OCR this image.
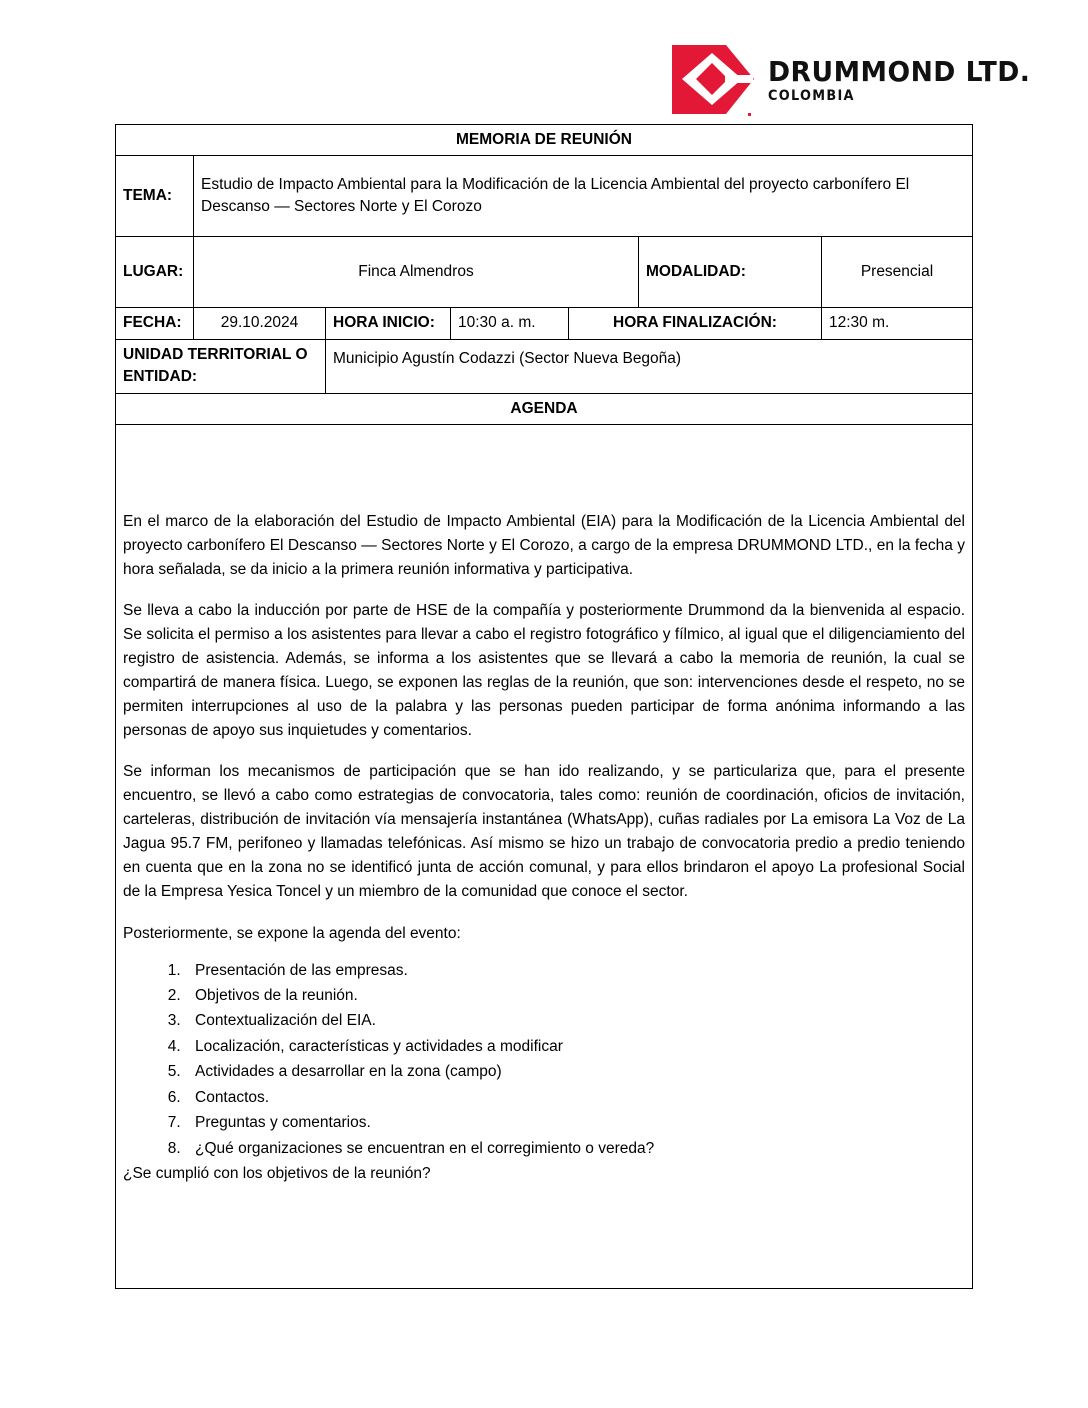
DRUMMOND LTD.
COLOMBIA
MEMORIA DE REUNIÓN						
TEMA:	Estudio de Impacto Ambiental para la Modificación de la Licencia Ambiental del proyecto carbonífero El Descanso — Sectores Norte y El Corozo					
LUGAR:	Finca Almendros				MODALIDAD:	Presencial
FECHA:	29.10.2024	HORA INICIO:	10:30 a. m.	HORA FINALIZACIÓN:		12:30 m.
UNIDAD TERRITORIAL O ENTIDAD:		Municipio Agustín Codazzi (Sector Nueva Begoña)				
AGENDA						

En el marco de la elaboración del Estudio de Impacto Ambiental (EIA) para la Modificación de la Licencia Ambiental del proyecto carbonífero El Descanso — Sectores Norte y El Corozo, a cargo de la empresa DRUMMOND LTD., en la fecha y hora señalada, se da inicio a la primera reunión informativa y participativa.

Se lleva a cabo la inducción por parte de HSE de la compañía y posteriormente Drummond da la bienvenida al espacio. Se solicita el permiso a los asistentes para llevar a cabo el registro fotográfico y fílmico, al igual que el diligenciamiento del registro de asistencia. Además, se informa a los asistentes que se llevará a cabo la memoria de reunión, la cual se compartirá de manera física. Luego, se exponen las reglas de la reunión, que son: intervenciones desde el respeto, no se permiten interrupciones al uso de la palabra y las personas pueden participar de forma anónima informando a las personas de apoyo sus inquietudes y comentarios.

Se informan los mecanismos de participación que se han ido realizando, y se particulariza que, para el presente encuentro, se llevó a cabo como estrategias de convocatoria, tales como: reunión de coordinación, oficios de invitación, carteleras, distribución de invitación vía mensajería instantánea (WhatsApp), cuñas radiales por La emisora La Voz de La Jagua 95.7 FM, perifoneo y llamadas telefónicas. Así mismo se hizo un trabajo de convocatoria predio a predio teniendo en cuenta que en la zona no se identificó junta de acción comunal, y para ellos brindaron el apoyo La profesional Social de la Empresa Yesica Toncel y un miembro de la comunidad que conoce el sector.

Posteriormente, se expone la agenda del evento:

1. Presentación de las empresas.
2. Objetivos de la reunión.
3. Contextualización del EIA.
4. Localización, características y actividades a modificar
5. Actividades a desarrollar en la zona (campo)
6. Contactos.
7. Preguntas y comentarios.
8. ¿Qué organizaciones se encuentran en el corregimiento o vereda?

¿Se cumplió con los objetivos de la reunión?
